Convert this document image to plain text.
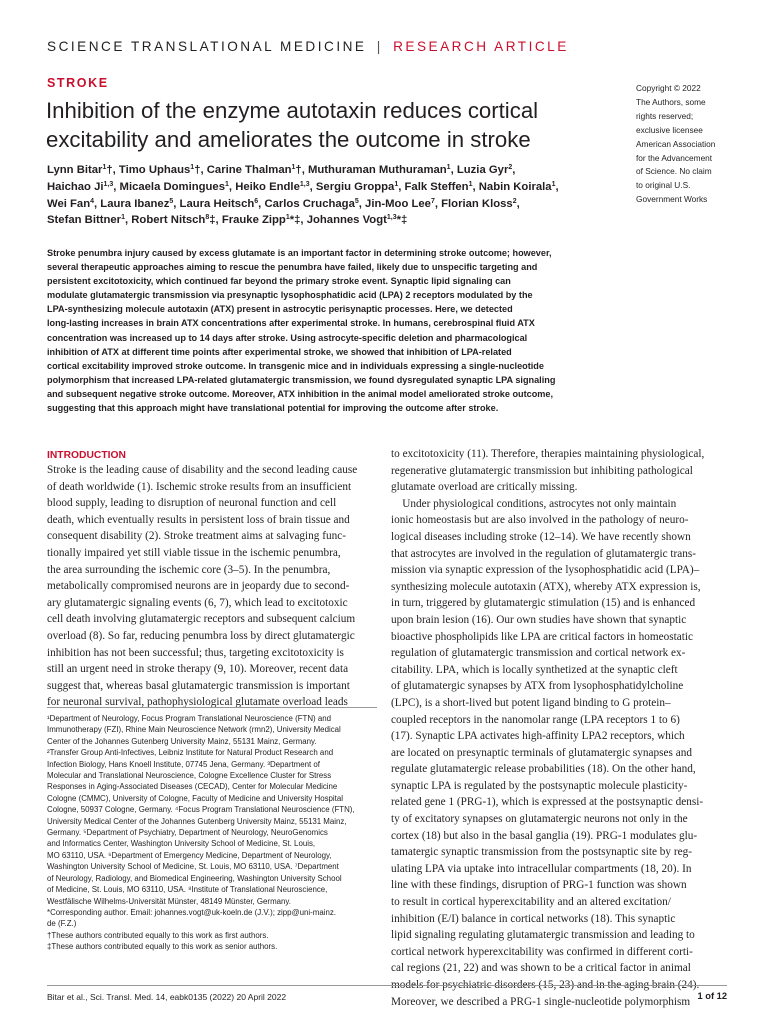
SCIENCE TRANSLATIONAL MEDICINE | RESEARCH ARTICLE
STROKE
Inhibition of the enzyme autotaxin reduces cortical
excitability and ameliorates the outcome in stroke
Copyright © 2022
The Authors, some
rights reserved;
exclusive licensee
American Association
for the Advancement
of Science. No claim
to original U.S.
Government Works
Lynn Bitar$^1$†, Timo Uphaus$^1$†, Carine Thalman$^1$†, Muthuraman Muthuraman$^1$, Luzia Gyr$^2$,
Haichao Ji$^{1,3}$, Micaela Domingues$^1$, Heiko Endle$^{1,3}$, Sergiu Groppa$^1$, Falk Steffen$^1$, Nabin Koirala$^1$,
Wei Fan$^4$, Laura Ibanez$^5$, Laura Heitsch$^6$, Carlos Cruchaga$^5$, Jin-Moo Lee$^7$, Florian Kloss$^2$,
Stefan Bittner$^1$, Robert Nitsch$^8$‡, Frauke Zipp$^1$*‡, Johannes Vogt$^{1,3}$*‡
Stroke penumbra injury caused by excess glutamate is an important factor in determining stroke outcome; however,
several therapeutic approaches aiming to rescue the penumbra have failed, likely due to unspecific targeting and
persistent excitotoxicity, which continued far beyond the primary stroke event. Synaptic lipid signaling can
modulate glutamatergic transmission via presynaptic lysophosphatidic acid (LPA) 2 receptors modulated by the
LPA-synthesizing molecule autotaxin (ATX) present in astrocytic perisynaptic processes. Here, we detected
long-lasting increases in brain ATX concentrations after experimental stroke. In humans, cerebrospinal fluid ATX
concentration was increased up to 14 days after stroke. Using astrocyte-specific deletion and pharmacological
inhibition of ATX at different time points after experimental stroke, we showed that inhibition of LPA-related
cortical excitability improved stroke outcome. In transgenic mice and in individuals expressing a single-nucleotide
polymorphism that increased LPA-related glutamatergic transmission, we found dysregulated synaptic LPA signaling
and subsequent negative stroke outcome. Moreover, ATX inhibition in the animal model ameliorated stroke outcome,
suggesting that this approach might have translational potential for improving the outcome after stroke.
INTRODUCTION
Stroke is the leading cause of disability and the second leading cause
of death worldwide (1). Ischemic stroke results from an insufficient
blood supply, leading to disruption of neuronal function and cell
death, which eventually results in persistent loss of brain tissue and
consequent disability (2). Stroke treatment aims at salvaging func-
tionally impaired yet still viable tissue in the ischemic penumbra,
the area surrounding the ischemic core (3–5). In the penumbra,
metabolically compromised neurons are in jeopardy due to second-
ary glutamatergic signaling events (6, 7), which lead to excitotoxic
cell death involving glutamatergic receptors and subsequent calcium
overload (8). So far, reducing penumbra loss by direct glutamatergic
inhibition has not been successful; thus, targeting excitotoxicity is
still an urgent need in stroke therapy (9, 10). Moreover, recent data
suggest that, whereas basal glutamatergic transmission is important
for neuronal survival, pathophysiological glutamate overload leads
¹Department of Neurology, Focus Program Translational Neuroscience (FTN) and
Immunotherapy (FZI), Rhine Main Neuroscience Network (rmn2), University Medical
Center of the Johannes Gutenberg University Mainz, 55131 Mainz, Germany.
²Transfer Group Anti-Infectives, Leibniz Institute for Natural Product Research and
Infection Biology, Hans Knoell Institute, 07745 Jena, Germany. ³Department of
Molecular and Translational Neuroscience, Cologne Excellence Cluster for Stress
Responses in Aging-Associated Diseases (CECAD), Center for Molecular Medicine
Cologne (CMMC), University of Cologne, Faculty of Medicine and University Hospital
Cologne, 50937 Cologne, Germany. ⁴Focus Program Translational Neuroscience (FTN),
University Medical Center of the Johannes Gutenberg University Mainz, 55131 Mainz,
Germany. ⁵Department of Psychiatry, Department of Neurology, NeuroGenomics
and Informatics Center, Washington University School of Medicine, St. Louis,
MO 63110, USA. ⁶Department of Emergency Medicine, Department of Neurology,
Washington University School of Medicine, St. Louis, MO 63110, USA. ⁷Department
of Neurology, Radiology, and Biomedical Engineering, Washington University School
of Medicine, St. Louis, MO 63110, USA. ⁸Institute of Translational Neuroscience,
Westfälische Wilhelms-Universität Münster, 48149 Münster, Germany.
*Corresponding author. Email: johannes.vogt@uk-koeln.de (J.V.); zipp@uni-mainz.
de (F.Z.)
†These authors contributed equally to this work as first authors.
‡These authors contributed equally to this work as senior authors.
to excitotoxicity (11). Therefore, therapies maintaining physiological,
regenerative glutamatergic transmission but inhibiting pathological
glutamate overload are critically missing.
Under physiological conditions, astrocytes not only maintain
ionic homeostasis but are also involved in the pathology of neuro-
logical diseases including stroke (12–14). We have recently shown
that astrocytes are involved in the regulation of glutamatergic trans-
mission via synaptic expression of the lysophosphatidic acid (LPA)–
synthesizing molecule autotaxin (ATX), whereby ATX expression is,
in turn, triggered by glutamatergic stimulation (15) and is enhanced
upon brain lesion (16). Our own studies have shown that synaptic
bioactive phospholipids like LPA are critical factors in homeostatic
regulation of glutamatergic transmission and cortical network ex-
citability. LPA, which is locally synthetized at the synaptic cleft
of glutamatergic synapses by ATX from lysophosphatidylcholine
(LPC), is a short-lived but potent ligand binding to G protein–
coupled receptors in the nanomolar range (LPA receptors 1 to 6)
(17). Synaptic LPA activates high-affinity LPA2 receptors, which
are located on presynaptic terminals of glutamatergic synapses and
regulate glutamatergic release probabilities (18). On the other hand,
synaptic LPA is regulated by the postsynaptic molecule plasticity-
related gene 1 (PRG-1), which is expressed at the postsynaptic densi-
ty of excitatory synapses on glutamatergic neurons not only in the
cortex (18) but also in the basal ganglia (19). PRG-1 modulates glu-
tamatergic synaptic transmission from the postsynaptic site by reg-
ulating LPA via uptake into intracellular compartments (18, 20). In
line with these findings, disruption of PRG-1 function was shown
to result in cortical hyperexcitability and an altered excitation/
inhibition (E/I) balance in cortical networks (18). This synaptic
lipid signaling regulating glutamatergic transmission and leading to
cortical network hyperexcitability was confirmed in different corti-
cal regions (21, 22) and was shown to be a critical factor in animal
models for psychiatric disorders (15, 23) and in the aging brain (24).
Moreover, we described a PRG-1 single-nucleotide polymorphism
Bitar et al., Sci. Transl. Med. 14, eabk0135 (2022) 20 April 2022	1 of 12
